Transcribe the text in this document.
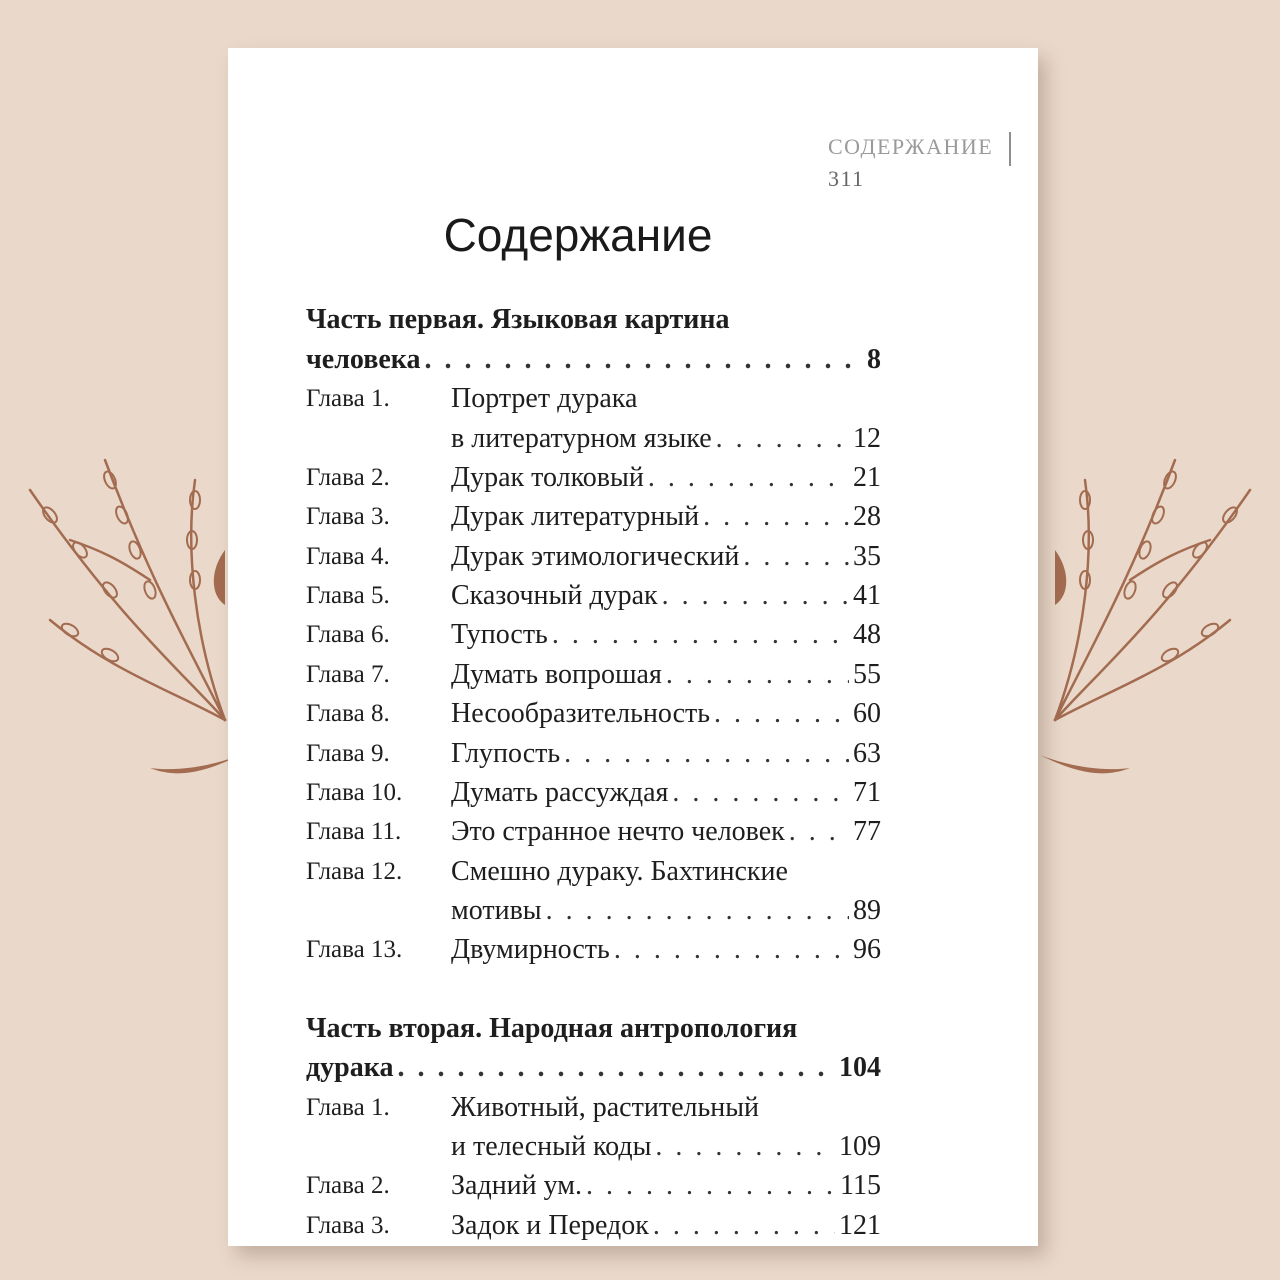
СОДЕРЖАНИЕ311
Содержание
Часть первая. Языковая картина
человека . . .	8
Глава 1. Портрет дурака
в литературном языке . . .	12
Глава 2. Дурак толковый . . .	21
Глава 3. Дурак литературный . . .	28
Глава 4. Дурак этимологический . . .	35
Глава 5. Сказочный дурак . . .	41
Глава 6. Тупость . . .	48
Глава 7. Думать вопрошая . . .	55
Глава 8. Несообразительность . . .	60
Глава 9. Глупость . . .	63
Глава 10. Думать рассуждая . . .	71
Глава 11. Это странное нечто человек . . . 77
Глава 12. Смешно дураку. Бахтинские
мотивы . . .	89
Глава 13. Двумирность . . .	96
Часть вторая. Народная антропология
дурака . . .	104
Глава 1. Животный, растительный
и телесный коды . . .	109
Глава 2. Задний ум. . . .	115
Глава 3. Задок и Передок . . .	121
